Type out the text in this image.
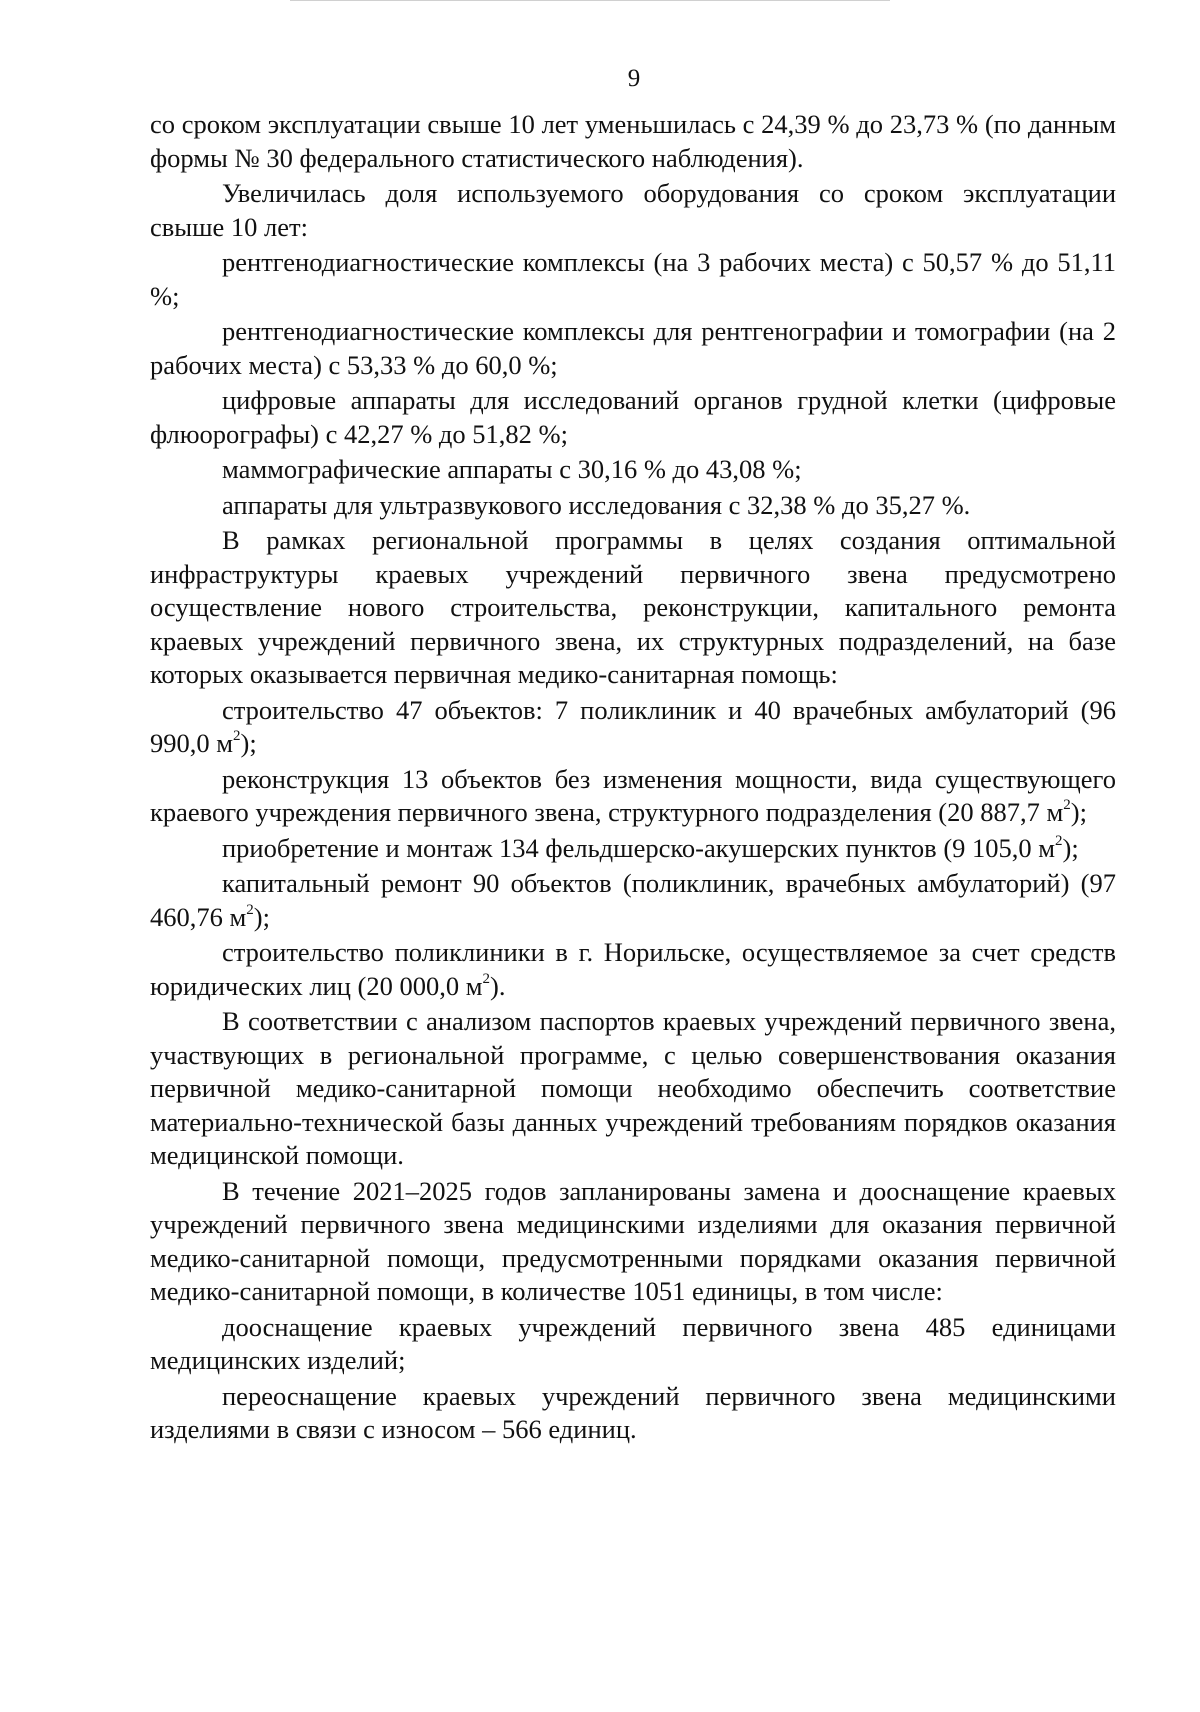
9

со сроком эксплуатации свыше 10 лет уменьшилась с 24,39 % до 23,73 % (по данным формы № 30 федерального статистического наблюдения).

Увеличилась доля используемого оборудования со сроком эксплуатации свыше 10 лет:

рентгенодиагностические комплексы (на 3 рабочих места) с 50,57 % до 51,11 %;

рентгенодиагностические комплексы для рентгенографии и томографии (на 2 рабочих места) с 53,33 % до 60,0 %;

цифровые аппараты для исследований органов грудной клетки (цифровые флюорографы) с 42,27 % до 51,82 %;

маммографические аппараты с 30,16 % до 43,08 %;

аппараты для ультразвукового исследования с 32,38 % до 35,27 %.

В рамках региональной программы в целях создания оптимальной инфраструктуры краевых учреждений первичного звена предусмотрено осуществление нового строительства, реконструкции, капитального ремонта краевых учреждений первичного звена, их структурных подразделений, на базе которых оказывается первичная медико-санитарная помощь:

строительство 47 объектов: 7 поликлиник и 40 врачебных амбулаторий (96 990,0 $м^2$);

реконструкция 13 объектов без изменения мощности, вида существующего краевого учреждения первичного звена, структурного подразделения (20 887,7 $м^2$);

приобретение и монтаж 134 фельдшерско-акушерских пунктов (9 105,0 $м^2$);

капитальный ремонт 90 объектов (поликлиник, врачебных амбулаторий) (97 460,76 $м^2$);

строительство поликлиники в г. Норильске, осуществляемое за счет средств юридических лиц (20 000,0 $м^2$).

В соответствии с анализом паспортов краевых учреждений первичного звена, участвующих в региональной программе, с целью совершенствования оказания первичной медико-санитарной помощи необходимо обеспечить соответствие материально-технической базы данных учреждений требованиям порядков оказания медицинской помощи.

В течение 2021–2025 годов запланированы замена и дооснащение краевых учреждений первичного звена медицинскими изделиями для оказания первичной медико-санитарной помощи, предусмотренными порядками оказания первичной медико-санитарной помощи, в количестве 1051 единицы, в том числе:

дооснащение краевых учреждений первичного звена 485 единицами медицинских изделий;

переоснащение краевых учреждений первичного звена медицинскими изделиями в связи с износом – 566 единиц.
